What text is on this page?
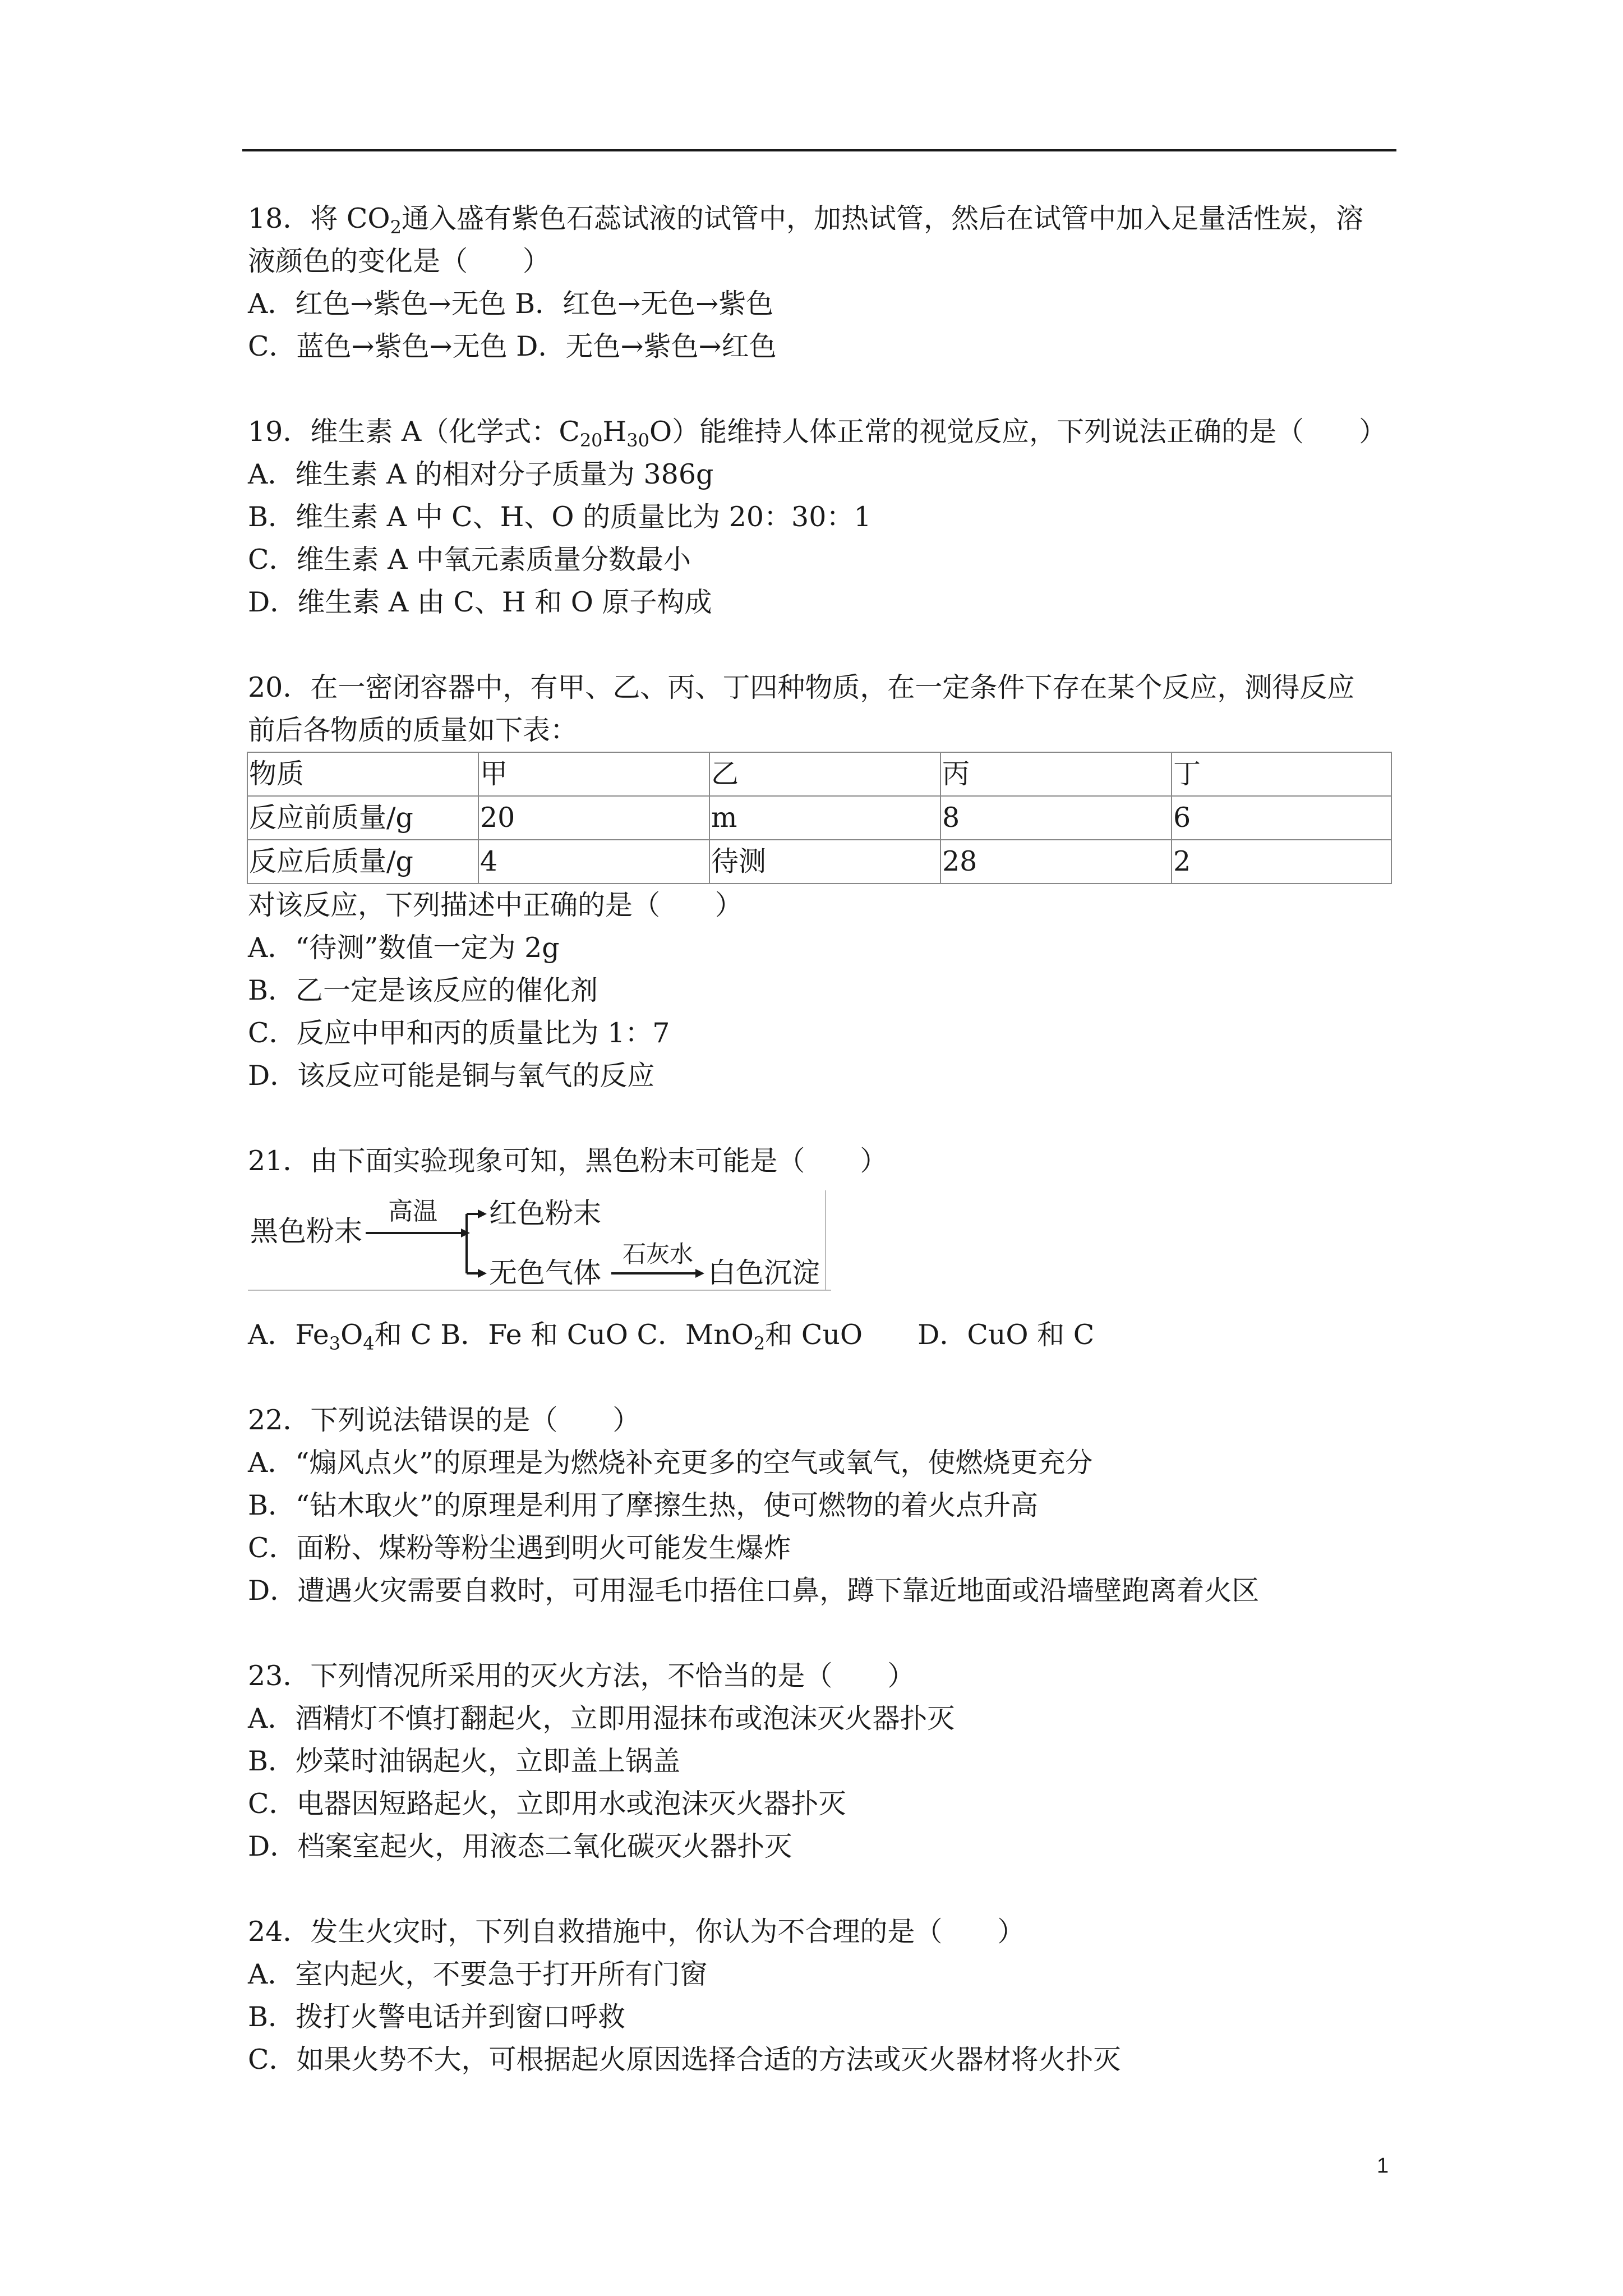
18．将 $CO_2$通入盛有紫色石蕊试液的试管中，加热试管，然后在试管中加入足量活性炭，溶
液颜色的变化是（　　）
A．红色→紫色→无色 B．红色→无色→紫色
C．蓝色→紫色→无色 D．无色→紫色→红色
19．维生素 A（化学式：$C_{20}H_{30}O$）能维持人体正常的视觉反应，下列说法正确的是（　　）
A．维生素 A 的相对分子质量为 386g
B．维生素 A 中 C、H、O 的质量比为 20：30：1
C．维生素 A 中氧元素质量分数最小
D．维生素 A 由 C、H 和 O 原子构成
20．在一密闭容器中，有甲、乙、丙、丁四种物质，在一定条件下存在某个反应，测得反应
前后各物质的质量如下表：
物质	甲	乙	丙	丁
反应前质量/g	20	m	8	6
反应后质量/g	4	待测	28	2
对该反应，下列描述中正确的是（　　）
A．“待测”数值一定为 2g
B．乙一定是该反应的催化剂
C．反应中甲和丙的质量比为 1：7
D．该反应可能是铜与氧气的反应
21．由下面实验现象可知，黑色粉末可能是（　　）
黑色粉末
高温 红色粉末
无色气体
石灰水
白色沉淀
A．$Fe_3O_4$和 C B．Fe 和 CuO C．MnO$_2$和 CuO　　D．CuO 和 C
22．下列说法错误的是（　　）
A．“煽风点火”的原理是为燃烧补充更多的空气或氧气，使燃烧更充分
B．“钻木取火”的原理是利用了摩擦生热，使可燃物的着火点升高
C．面粉、煤粉等粉尘遇到明火可能发生爆炸
D．遭遇火灾需要自救时，可用湿毛巾捂住口鼻，蹲下靠近地面或沿墙壁跑离着火区
23．下列情况所采用的灭火方法，不恰当的是（　　）
A．酒精灯不慎打翻起火，立即用湿抹布或泡沫灭火器扑灭
B．炒菜时油锅起火，立即盖上锅盖
C．电器因短路起火，立即用水或泡沫灭火器扑灭
D．档案室起火，用液态二氧化碳灭火器扑灭
24．发生火灾时，下列自救措施中，你认为不合理的是（　　）
A．室内起火，不要急于打开所有门窗
B．拨打火警电话并到窗口呼救
C．如果火势不大，可根据起火原因选择合适的方法或灭火器材将火扑灭
1
